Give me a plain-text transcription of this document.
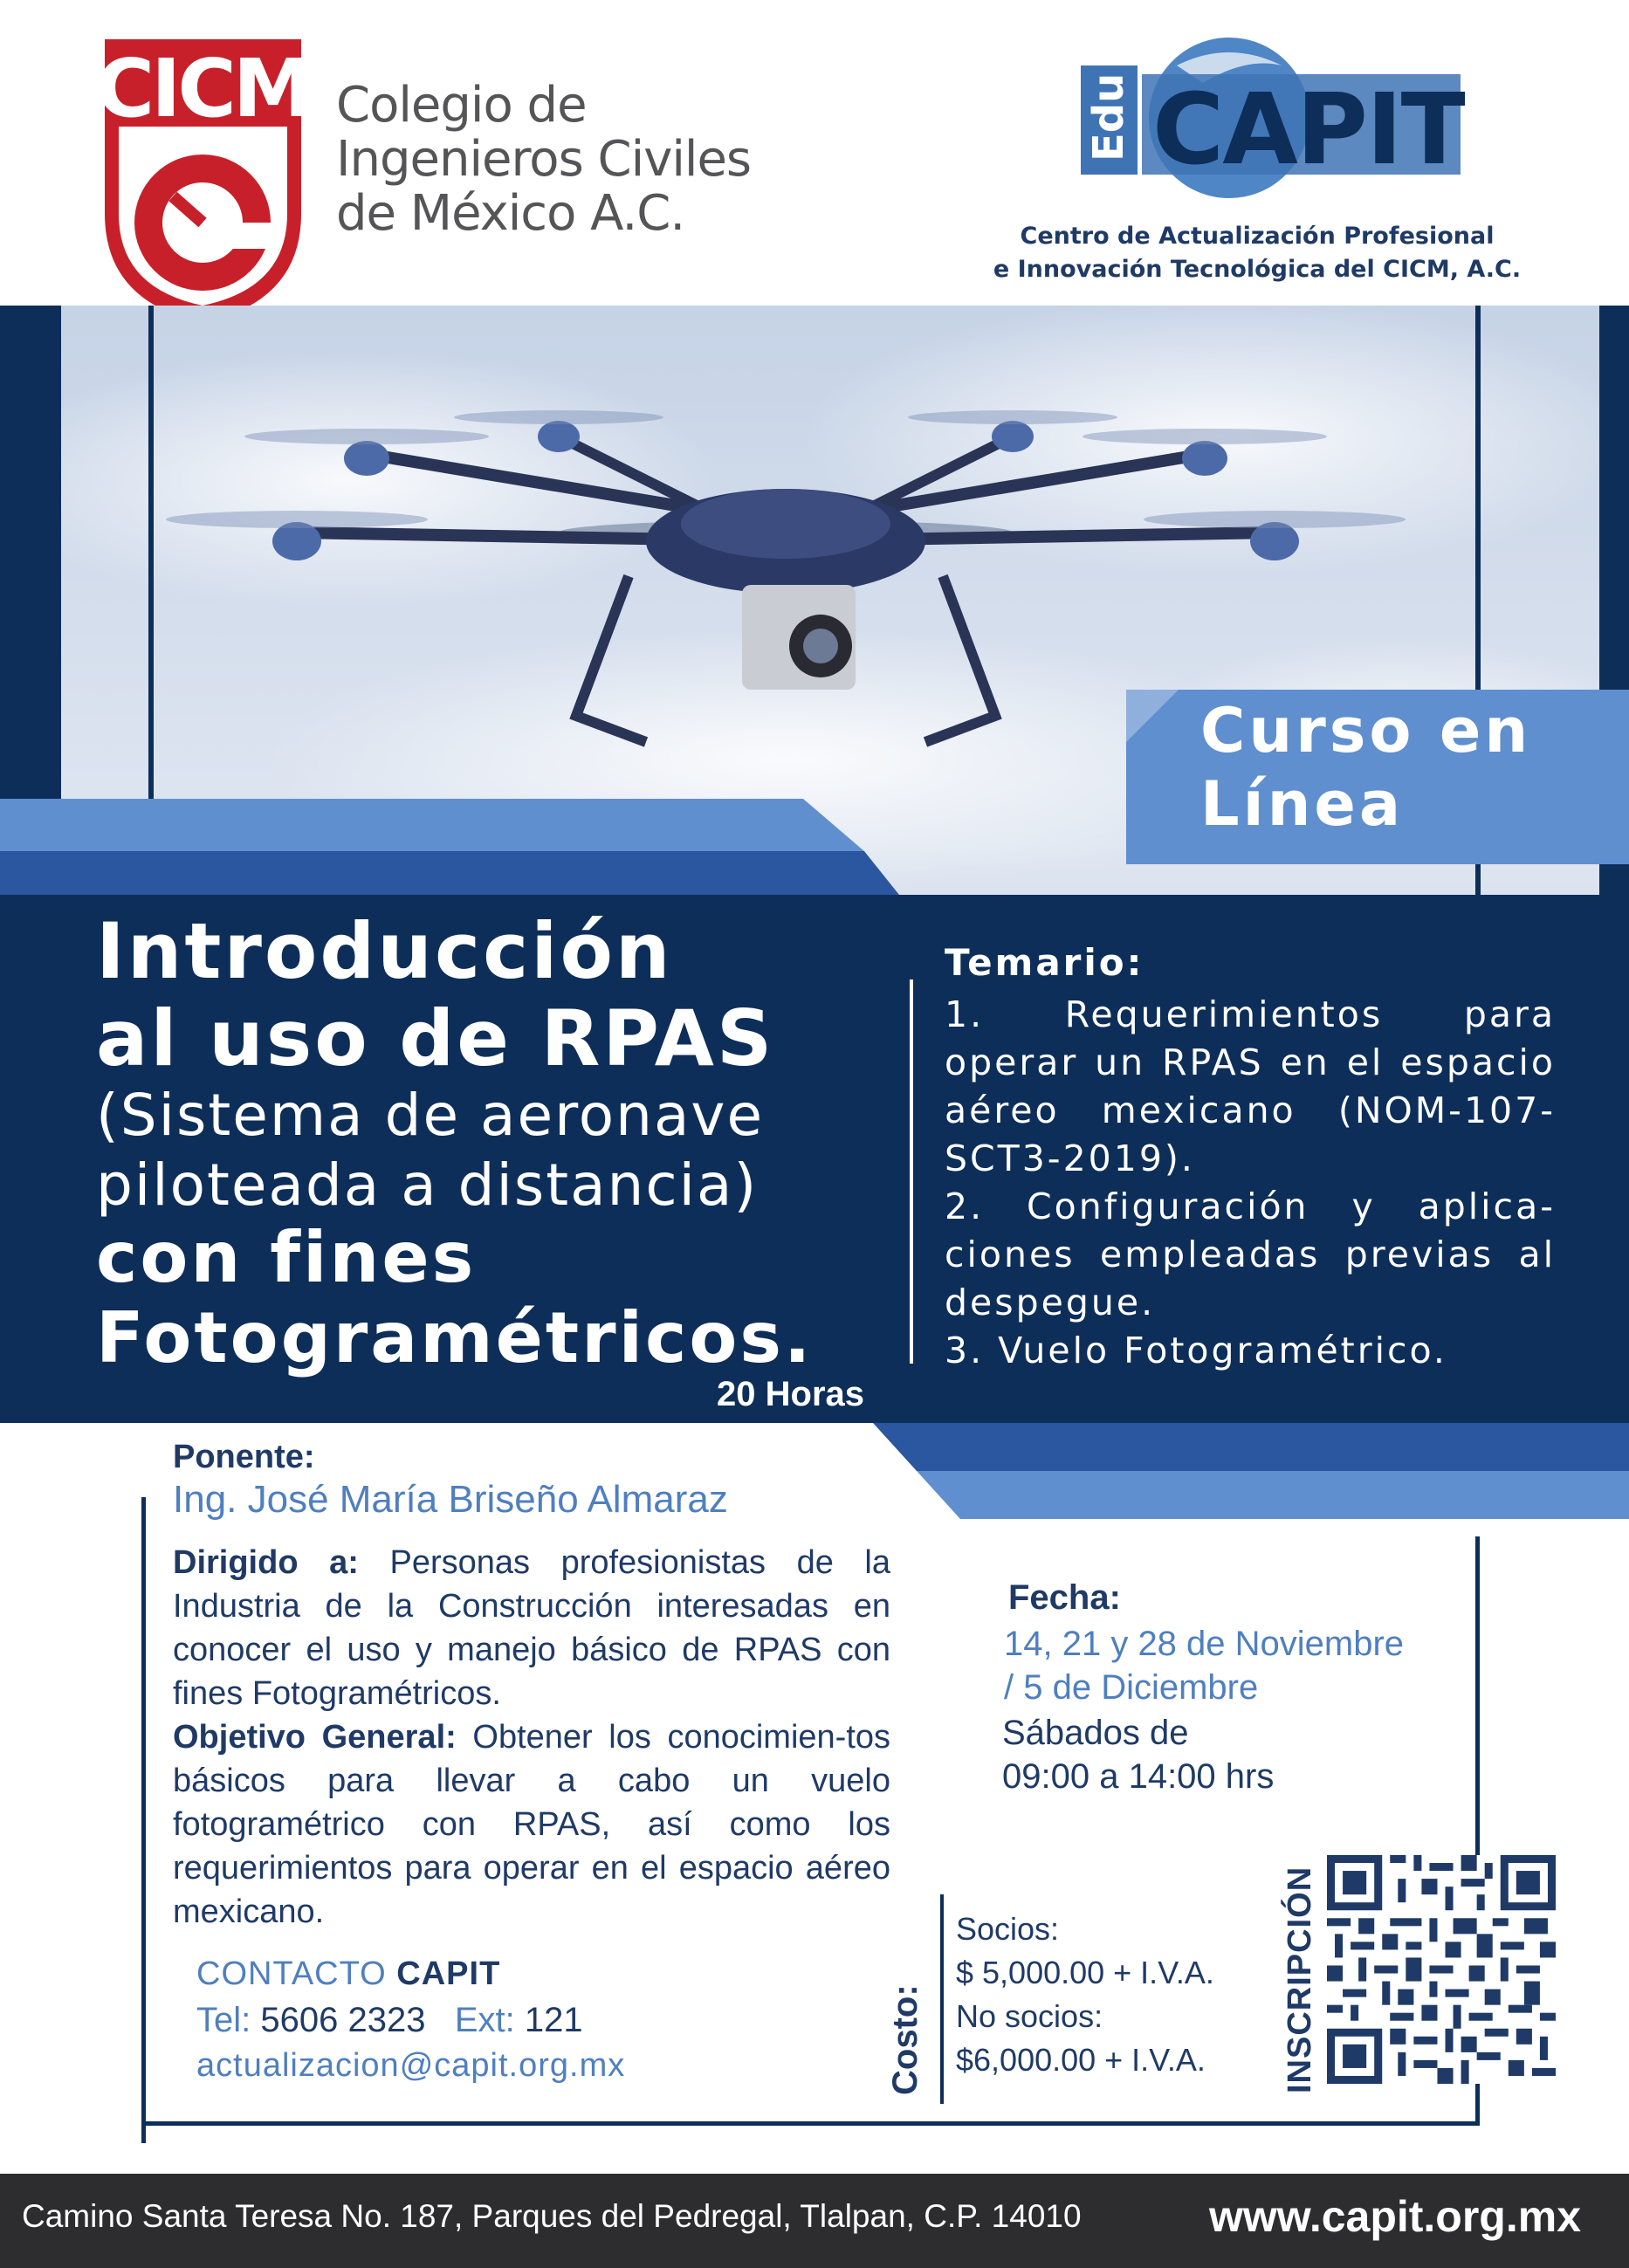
CICM Colegio de
Ingenieros Civiles
de México A.C.
Edu CAPIT
Centro de Actualización Profesional
e Innovación Tecnológica del CICM, A.C.
Curso en
Línea
Introducción
al uso de RPAS
(Sistema de aeronave
piloteada a distancia)
con fines
Fotogramétricos.
20 Horas
Temario:
1. Requerimientos para operar un RPAS en el espacio aéreo mexicano (NOM-107-SCT3-2019).
2. Configuración y aplica-ciones empleadas previas al despegue.
3. Vuelo Fotogramétrico.
Ponente:
Ing. José María Briseño Almaraz
Dirigido a: Personas profesionistas de la Industria de la Construcción interesadas en conocer el uso y manejo básico de RPAS con fines Fotogramétricos.
Objetivo General: Obtener los conocimien-tos básicos para llevar a cabo un vuelo fotogramétrico con RPAS, así como los requerimientos para operar en el espacio aéreo mexicano.
CONTACTO CAPIT
Tel: 5606 2323 Ext: 121
actualizacion@capit.org.mx
Fecha:
14, 21 y 28 de Noviembre
/ 5 de Diciembre
Sábados de
09:00 a 14:00 hrs
Costo:
Socios:
$ 5,000.00 + I.V.A.
No socios:
$6,000.00 + I.V.A. INSCRIPCIÓN
Camino Santa Teresa No. 187, Parques del Pedregal, Tlalpan, C.P. 14010	www.capit.org.mx
